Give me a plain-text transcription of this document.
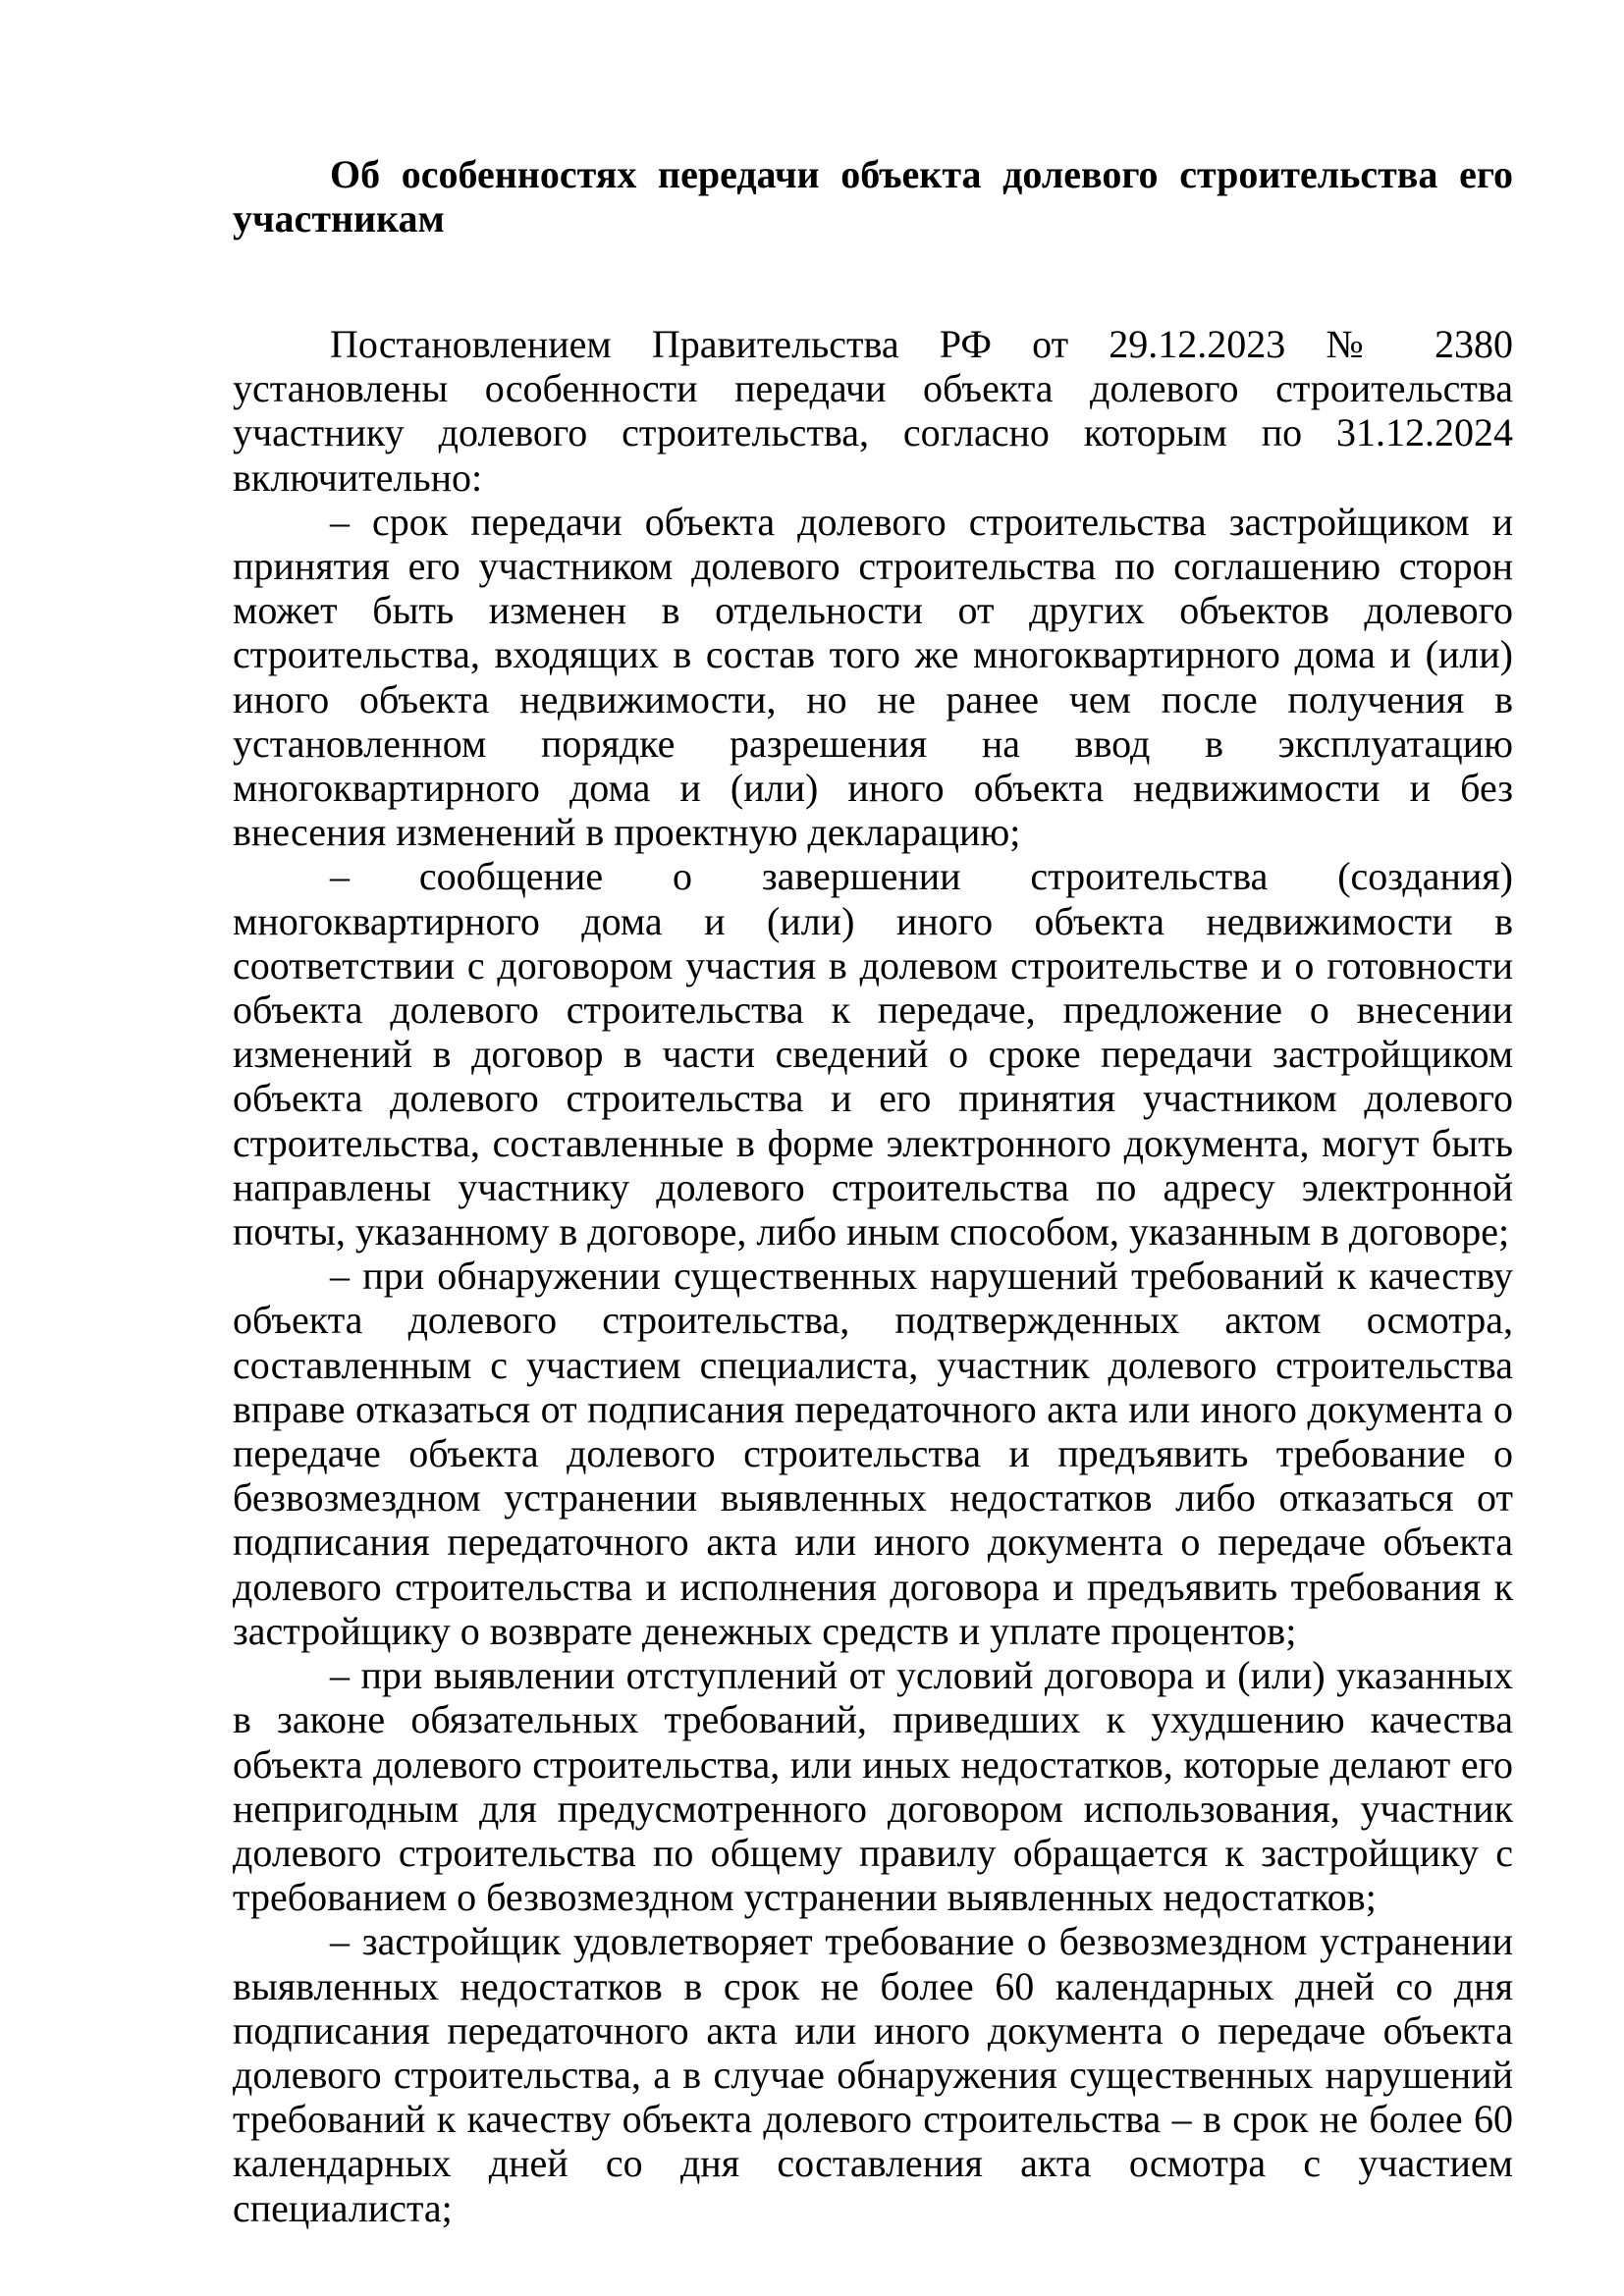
Об особенностях передачи объекта долевого строительства его участникам

Постановлением Правительства РФ от 29.12.2023 № 2380 установлены особенности передачи объекта долевого строительства участнику долевого строительства, согласно которым по 31.12.2024 включительно:

– срок передачи объекта долевого строительства застройщиком и принятия его участником долевого строительства по соглашению сторон может быть изменен в отдельности от других объектов долевого строительства, входящих в состав того же многоквартирного дома и (или) иного объекта недвижимости, но не ранее чем после получения в установленном порядке разрешения на ввод в эксплуатацию многоквартирного дома и (или) иного объекта недвижимости и без внесения изменений в проектную декларацию;

– сообщение о завершении строительства (создания) многоквартирного дома и (или) иного объекта недвижимости в соответствии с договором участия в долевом строительстве и о готовности объекта долевого строительства к передаче, предложение о внесении изменений в договор в части сведений о сроке передачи застройщиком объекта долевого строительства и его принятия участником долевого строительства, составленные в форме электронного документа, могут быть направлены участнику долевого строительства по адресу электронной почты, указанному в договоре, либо иным способом, указанным в договоре;

– при обнаружении существенных нарушений требований к качеству объекта долевого строительства, подтвержденных актом осмотра, составленным с участием специалиста, участник долевого строительства вправе отказаться от подписания передаточного акта или иного документа о передаче объекта долевого строительства и предъявить требование о безвозмездном устранении выявленных недостатков либо отказаться от подписания передаточного акта или иного документа о передаче объекта долевого строительства и исполнения договора и предъявить требования к застройщику о возврате денежных средств и уплате процентов;

– при выявлении отступлений от условий договора и (или) указанных в законе обязательных требований, приведших к ухудшению качества объекта долевого строительства, или иных недостатков, которые делают его непригодным для предусмотренного договором использования, участник долевого строительства по общему правилу обращается к застройщику с требованием о безвозмездном устранении выявленных недостатков;

– застройщик удовлетворяет требование о безвозмездном устранении выявленных недостатков в срок не более 60 календарных дней со дня подписания передаточного акта или иного документа о передаче объекта долевого строительства, а в случае обнаружения существенных нарушений требований к качеству объекта долевого строительства – в срок не более 60 календарных дней со дня составления акта осмотра с участием специалиста;
